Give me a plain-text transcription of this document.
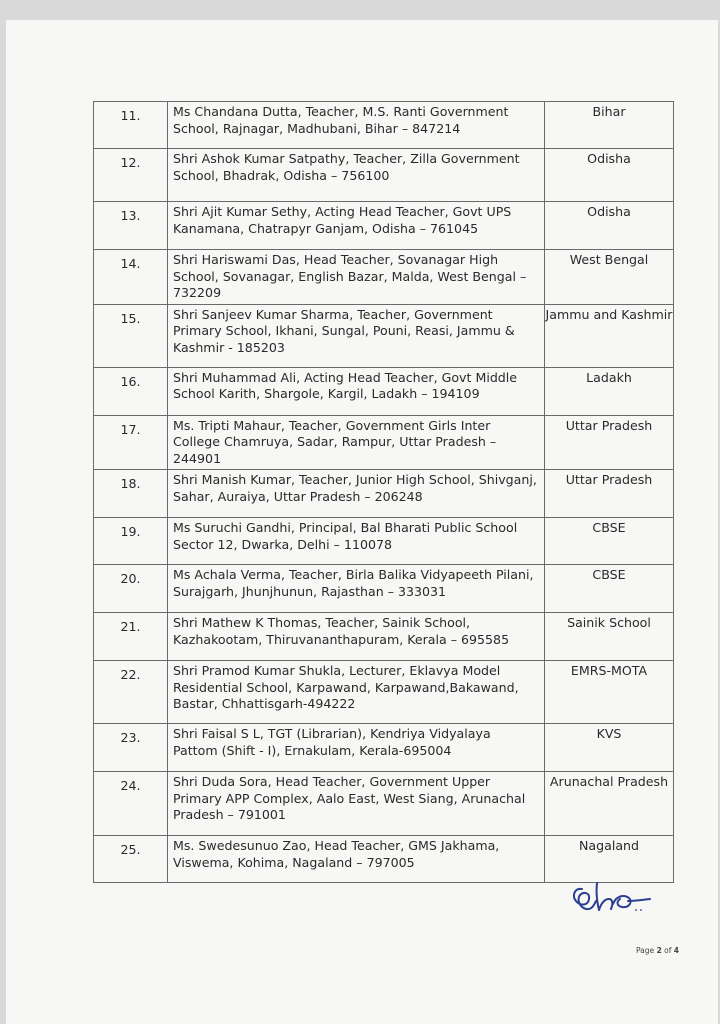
11.	Ms Chandana Dutta, Teacher, M.S. Ranti Government School, Rajnagar, Madhubani, Bihar – 847214	Bihar
12.	Shri Ashok Kumar Satpathy, Teacher, Zilla Government School, Bhadrak, Odisha – 756100	Odisha
13.	Shri Ajit Kumar Sethy, Acting Head Teacher, Govt UPS Kanamana, Chatrapyr Ganjam, Odisha – 761045	Odisha
14.	Shri Hariswami Das, Head Teacher, Sovanagar High School, Sovanagar, English Bazar, Malda, West Bengal – 732209	West Bengal
15.	Shri Sanjeev Kumar Sharma, Teacher, Government Primary School, Ikhani, Sungal, Pouni, Reasi, Jammu & Kashmir - 185203	Jammu and Kashmir
16.	Shri Muhammad Ali, Acting Head Teacher, Govt Middle School Karith, Shargole, Kargil, Ladakh – 194109	Ladakh
17.	Ms. Tripti Mahaur, Teacher, Government Girls Inter College Chamruya, Sadar, Rampur, Uttar Pradesh – 244901	Uttar Pradesh
18.	Shri Manish Kumar, Teacher, Junior High School, Shivganj, Sahar, Auraiya, Uttar Pradesh – 206248	Uttar Pradesh
19.	Ms Suruchi Gandhi, Principal, Bal Bharati Public School Sector 12, Dwarka, Delhi – 110078	CBSE
20.	Ms Achala Verma, Teacher, Birla Balika Vidyapeeth Pilani, Surajgarh, Jhunjhunun, Rajasthan – 333031	CBSE
21.	Shri Mathew K Thomas, Teacher, Sainik School, Kazhakootam, Thiruvananthapuram, Kerala – 695585	Sainik School
22.	Shri Pramod Kumar Shukla, Lecturer, Eklavya Model Residential School, Karpawand, Karpawand,Bakawand, Bastar, Chhattisgarh-494222	EMRS-MOTA
23.	Shri Faisal S L, TGT (Librarian), Kendriya Vidyalaya Pattom (Shift - I), Ernakulam, Kerala-695004	KVS
24.	Shri Duda Sora, Head Teacher, Government Upper Primary APP Complex, Aalo East, West Siang, Arunachal Pradesh – 791001	Arunachal Pradesh
25.	Ms. Swedesunuo Zao, Head Teacher, GMS Jakhama, Viswema, Kohima, Nagaland – 797005	Nagaland
Page 2 of 4
